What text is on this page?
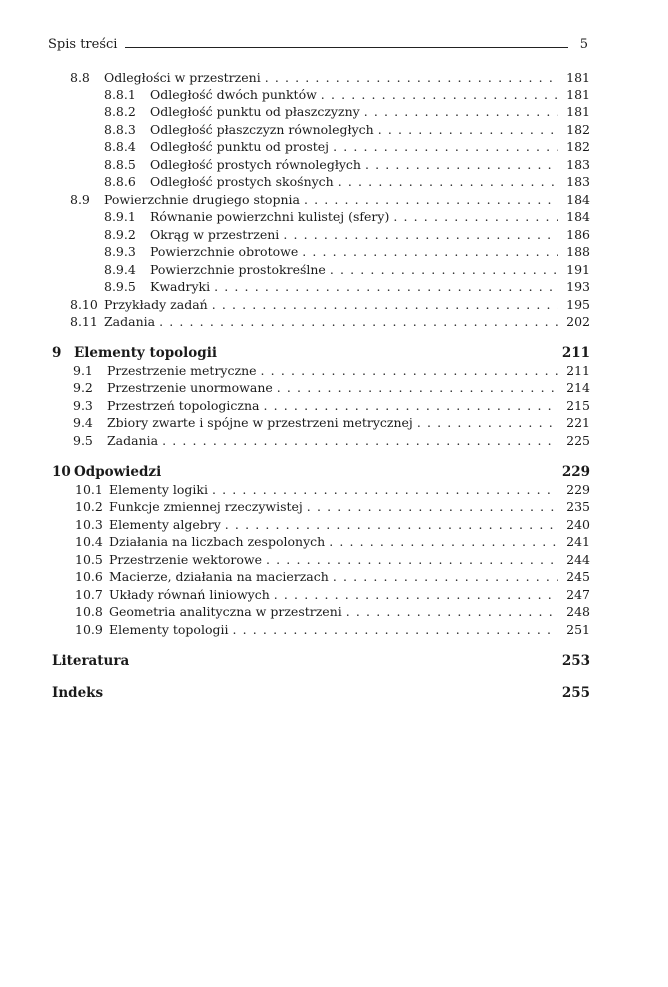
Spis treści	5
8.8	Odległości w przestrzeni . . .	181
8.8.1	Odległość dwóch punktów . . .	181
8.8.2	Odległość punktu od płaszczyzny . . .	181
8.8.3	Odległość płaszczyzn równoległych . . .	182
8.8.4	Odległość punktu od prostej . . .	182
8.8.5	Odległość prostych równoległych . . .	183
8.8.6	Odległość prostych skośnych . . .	183
8.9	Powierzchnie drugiego stopnia . . .	184
8.9.1	Równanie powierzchni kulistej (sfery) . . .	184
8.9.2	Okrąg w przestrzeni . . .	186
8.9.3	Powierzchnie obrotowe . . .	188
8.9.4	Powierzchnie prostokreślne . . .	191
8.9.5	Kwadryki . . .	193
8.10 Przykłady zadań . . .	195
8.11 Zadania . . .	202
9 Elementy topologii	211
9.1	Przestrzenie metryczne . . .	211
9.2	Przestrzenie unormowane . . .	214
9.3	Przestrzeń topologiczna . . .	215
9.4	Zbiory zwarte i spójne w przestrzeni metrycznej . . .	221
9.5	Zadania . . .	225
10 Odpowiedzi	229
10.1 Elementy logiki . . .	229
10.2 Funkcje zmiennej rzeczywistej . . .	235
10.3 Elementy algebry . . .	240
10.4 Działania na liczbach zespolonych . . .	241
10.5 Przestrzenie wektorowe . . .	244
10.6 Macierze, działania na macierzach . . .	245
10.7 Układy równań liniowych . . .	247
10.8 Geometria analityczna w przestrzeni . . .	248
10.9 Elementy topologii . . .	251
Literatura	253
Indeks	255
